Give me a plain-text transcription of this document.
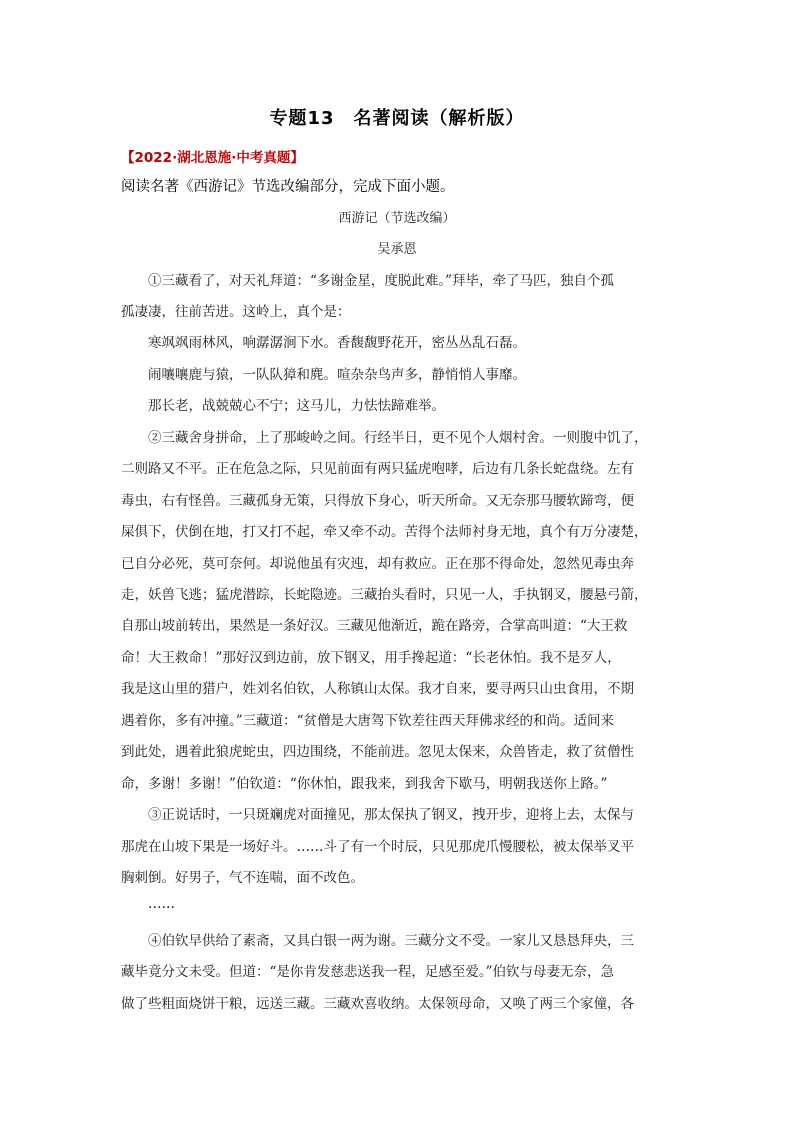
专题13　名著阅读（解析版）
【2022·湖北恩施·中考真题】
阅读名著《西游记》节选改编部分，完成下面小题。
西游记（节选改编）
吴承恩
①三藏看了，对天礼拜道：“多谢金星，度脱此难。”拜毕，牵了马匹，独自个孤
孤凄凄，往前苦进。这岭上，真个是：
寒飒飒雨林风，响潺潺涧下水。香馥馥野花开，密丛丛乱石磊。
闹嚷嚷鹿与猿，一队队獐和麂。喧杂杂鸟声多，静悄悄人事靡。
那长老，战兢兢心不宁；这马儿，力怯怯蹄难举。
②三藏舍身拼命，上了那峻岭之间。行经半日，更不见个人烟村舍。一则腹中饥了，
二则路又不平。正在危急之际，只见前面有两只猛虎咆哮，后边有几条长蛇盘绕。左有
毒虫，右有怪兽。三藏孤身无策，只得放下身心，听天所命。又无奈那马腰软蹄弯，便
屎俱下，伏倒在地，打又打不起，牵又牵不动。苦得个法师衬身无地，真个有万分凄楚，
已自分必死，莫可奈何。却说他虽有灾迍，却有救应。正在那不得命处，忽然见毒虫奔
走，妖兽飞逃；猛虎潜踪，长蛇隐迹。三藏抬头看时，只见一人，手执钢叉，腰悬弓箭，
自那山坡前转出，果然是一条好汉。三藏见他渐近，跪在路旁，合掌高叫道：“大王救
命！大王救命！”那好汉到边前，放下钢叉，用手搀起道：“长老休怕。我不是歹人，
我是这山里的猎户，姓刘名伯钦，人称镇山太保。我才自来，要寻两只山虫食用，不期
遇着你，多有冲撞。”三藏道：“贫僧是大唐驾下钦差往西天拜佛求经的和尚。适间来
到此处，遇着此狼虎蛇虫，四边围绕，不能前进。忽见太保来，众兽皆走，救了贫僧性
命，多谢！多谢！”伯钦道：“你休怕，跟我来，到我舍下歇马，明朝我送你上路。”
③正说话时，一只斑斓虎对面撞见，那太保执了钢叉，拽开步，迎将上去，太保与
那虎在山坡下果是一场好斗。……斗了有一个时辰，只见那虎爪慢腰松，被太保举叉平
胸刺倒。好男子，气不连喘，面不改色。
……
④伯钦早供给了素斋，又具白银一两为谢。三藏分文不受。一家儿又恳恳拜央，三
藏毕竟分文未受。但道：“是你肯发慈悲送我一程，足感至爱。”伯钦与母妻无奈，急
做了些粗面烧饼干粮，远送三藏。三藏欢喜收纳。太保领母命，又唤了两三个家僮，各
